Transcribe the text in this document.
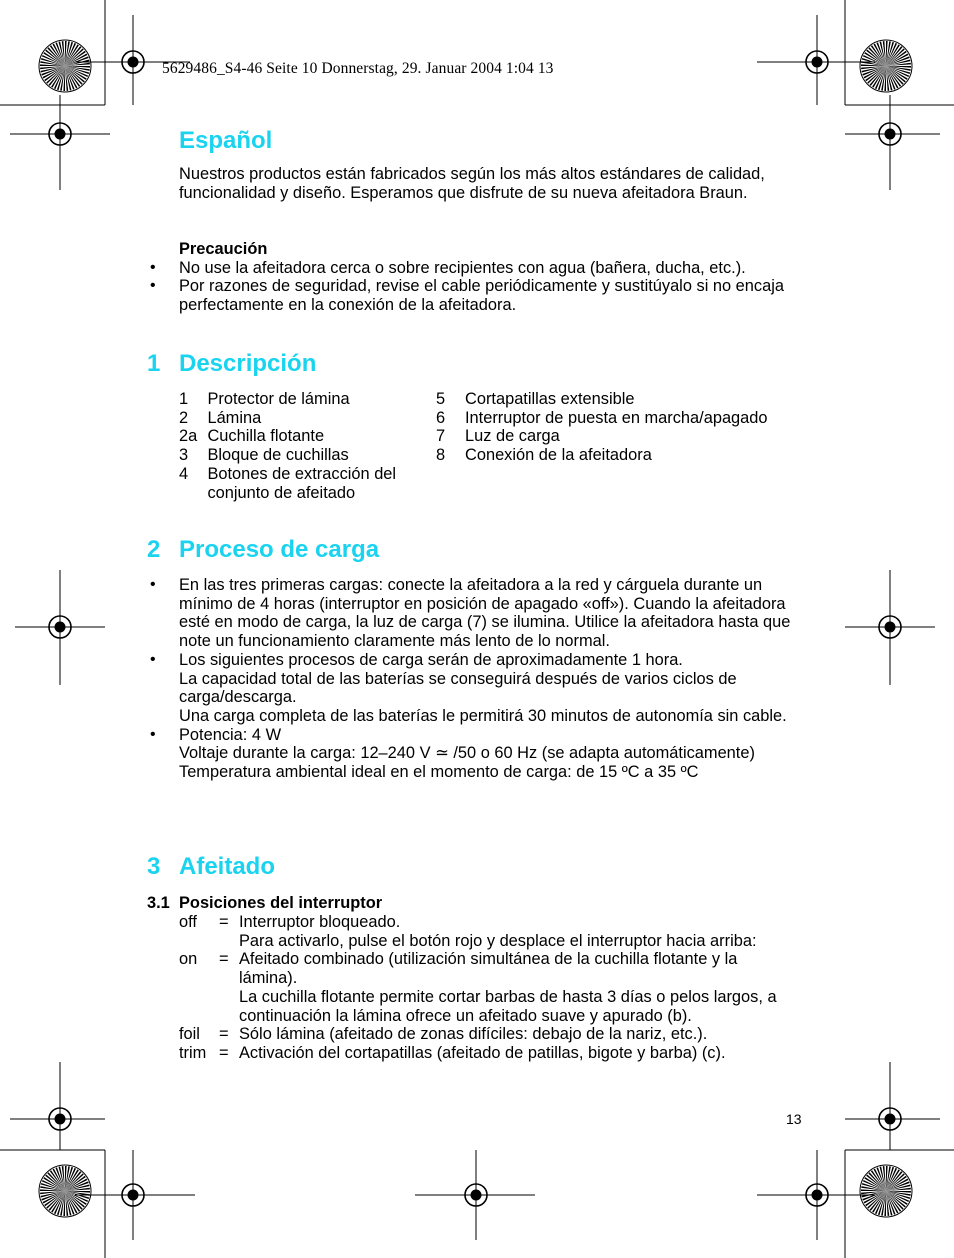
5629486_S4-46 Seite 10 Donnerstag, 29. Januar 2004 1:04 13
Español

Nuestros productos están fabricados según los más altos estándares de calidad, funcionalidad y diseño. Esperamos que disfrute de su nueva afeitadora Braun.

Precaución

• No use la afeitadora cerca o sobre recipientes con agua (bañera, ducha, etc.).

• Por razones de seguridad, revise el cable periódicamente y sustitúyalo si no encaja perfectamente en la conexión de la afeitadora.

1 Descripción
1	Protector de lámina
2	Lámina
2a	Cuchilla flotante
3	Bloque de cuchillas
4	Botones de extracción del conjunto de afeitado
5	Cortapatillas extensible
6	Interruptor de puesta en marcha/apagado
7	Luz de carga
8	Conexión de la afeitadora
2 Proceso de carga
• En las tres primeras cargas: conecte la afeitadora a la red y cárguela durante un mínimo de 4 horas (interruptor en posición de apagado «off»). Cuando la afeitadora esté en modo de carga, la luz de carga (7) se ilumina. Utilice la afeitadora hasta que note un funcionamiento claramente más lento de lo normal.

• Los siguientes procesos de carga serán de aproximadamente 1 hora.

La capacidad total de las baterías se conseguirá después de varios ciclos de carga/descarga.

Una carga completa de las baterías le permitirá 30 minutos de autonomía sin cable.

• Potencia: 4 W

Voltaje durante la carga: 12–240 V ≃ /50 o 60 Hz (se adapta automáticamente)

Temperatura ambiental ideal en el momento de carga: de 15 ºC a 35 ºC

3 Afeitado
3.1 Posiciones del interruptor
off	=	Interruptor bloqueado.
Para activarlo, pulse el botón rojo y desplace el interruptor hacia arriba:
on	=	Afeitado combinado (utilización simultánea de la cuchilla flotante y la lámina).
La cuchilla flotante permite cortar barbas de hasta 3 días o pelos largos, a continuación la lámina ofrece un afeitado suave y apurado (b).
foil	=	Sólo lámina (afeitado de zonas difíciles: debajo de la nariz, etc.).
trim	=	Activación del cortapatillas (afeitado de patillas, bigote y barba) (c).
13
